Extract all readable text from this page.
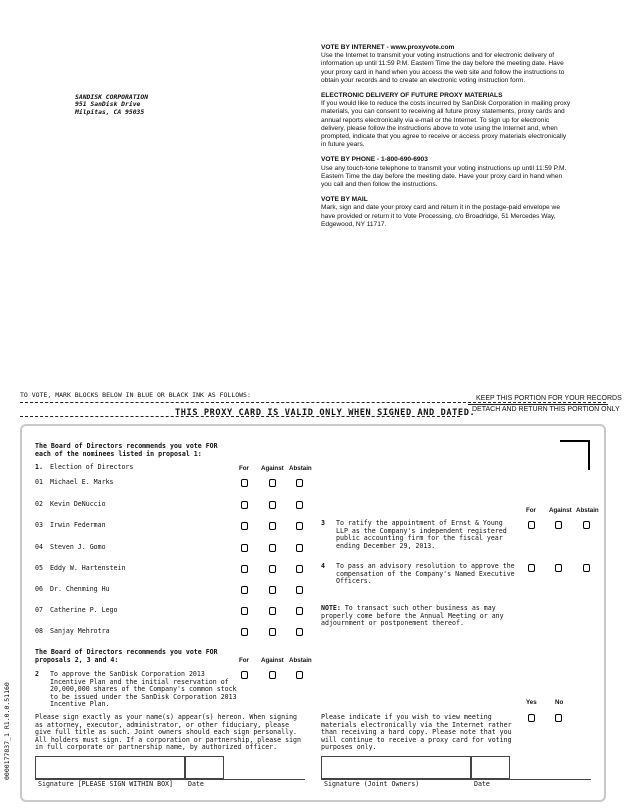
SANDISK CORPORATION
951 SanDisk Drive
Milpitas, CA 95035
VOTE BY INTERNET - www.proxyvote.com
Use the Internet to transmit your voting instructions and for electronic delivery of information up until 11:59 P.M. Eastern Time the day before the meeting date. Have your proxy card in hand when you access the web site and follow the instructions to obtain your records and to create an electronic voting instruction form.
ELECTRONIC DELIVERY OF FUTURE PROXY MATERIALS
If you would like to reduce the costs incurred by SanDisk Corporation in mailing proxy materials, you can consent to receiving all future proxy statements, proxy cards and annual reports electronically via e-mail or the Internet. To sign up for electronic delivery, please follow the instructions above to vote using the Internet and, when prompted, indicate that you agree to receive or access proxy materials electronically in future years.
VOTE BY PHONE - 1-800-690-6903
Use any touch-tone telephone to transmit your voting instructions up until 11:59 P.M. Eastern Time the day before the meeting date. Have your proxy card in hand when you call and then follow the instructions.
VOTE BY MAIL
Mark, sign and date your proxy card and return it in the postage-paid envelope we have provided or return it to Vote Processing, c/o Broadridge, 51 Mercedes Way, Edgewood, NY 11717.
TO VOTE, MARK BLOCKS BELOW IN BLUE OR BLACK INK AS FOLLOWS:	KEEP THIS PORTION FOR YOUR RECORDS
DETACH AND RETURN THIS PORTION ONLY
THIS PROXY CARD IS VALID ONLY WHEN SIGNED AND DATED.
The Board of Directors recommends you vote FOR
each of the nominees listed in proposal 1:
1. Election of Directors	For Against Abstain
01 Michael E. Marks
02 Kevin DeNuccio
03 Irwin Federman
04 Steven J. Gomo
05 Eddy W. Hartenstein
06 Dr. Chenming Hu
07 Catherine P. Lego
08 Sanjay Mehrotra
The Board of Directors recommends you vote FOR
proposals 2, 3 and 4:	For Against Abstain
2 To approve the SanDisk Corporation 2013 Incentive Plan and the initial reservation of 20,000,000 shares of the Company's common stock to be issued under the SanDisk Corporation 2013 Incentive Plan.
For Against Abstain
3 To ratify the appointment of Ernst & Young LLP as the Company's independent registered public accounting firm for the fiscal year ending December 29, 2013.
4 To pass an advisory resolution to approve the compensation of the Company's Named Executive Officers.
NOTE: To transact such other business as may properly come before the Annual Meeting or any adjournment or postponement thereof.
Yes	No
Please sign exactly as your name(s) appear(s) hereon. When signing as attorney, executor, administrator, or other fiduciary, please give full title as such. Joint owners should each sign personally. All holders must sign. If a corporation or partnership, please sign in full corporate or partnership name, by authorized officer.
Please indicate if you wish to view meeting materials electronically via the Internet rather than receiving a hard copy. Please note that you will continue to receive a proxy card for voting purposes only.
Signature [PLEASE SIGN WITHIN BOX] Date	Signature (Joint Owners)	Date
0000177837_1 R1.0.0.51160
